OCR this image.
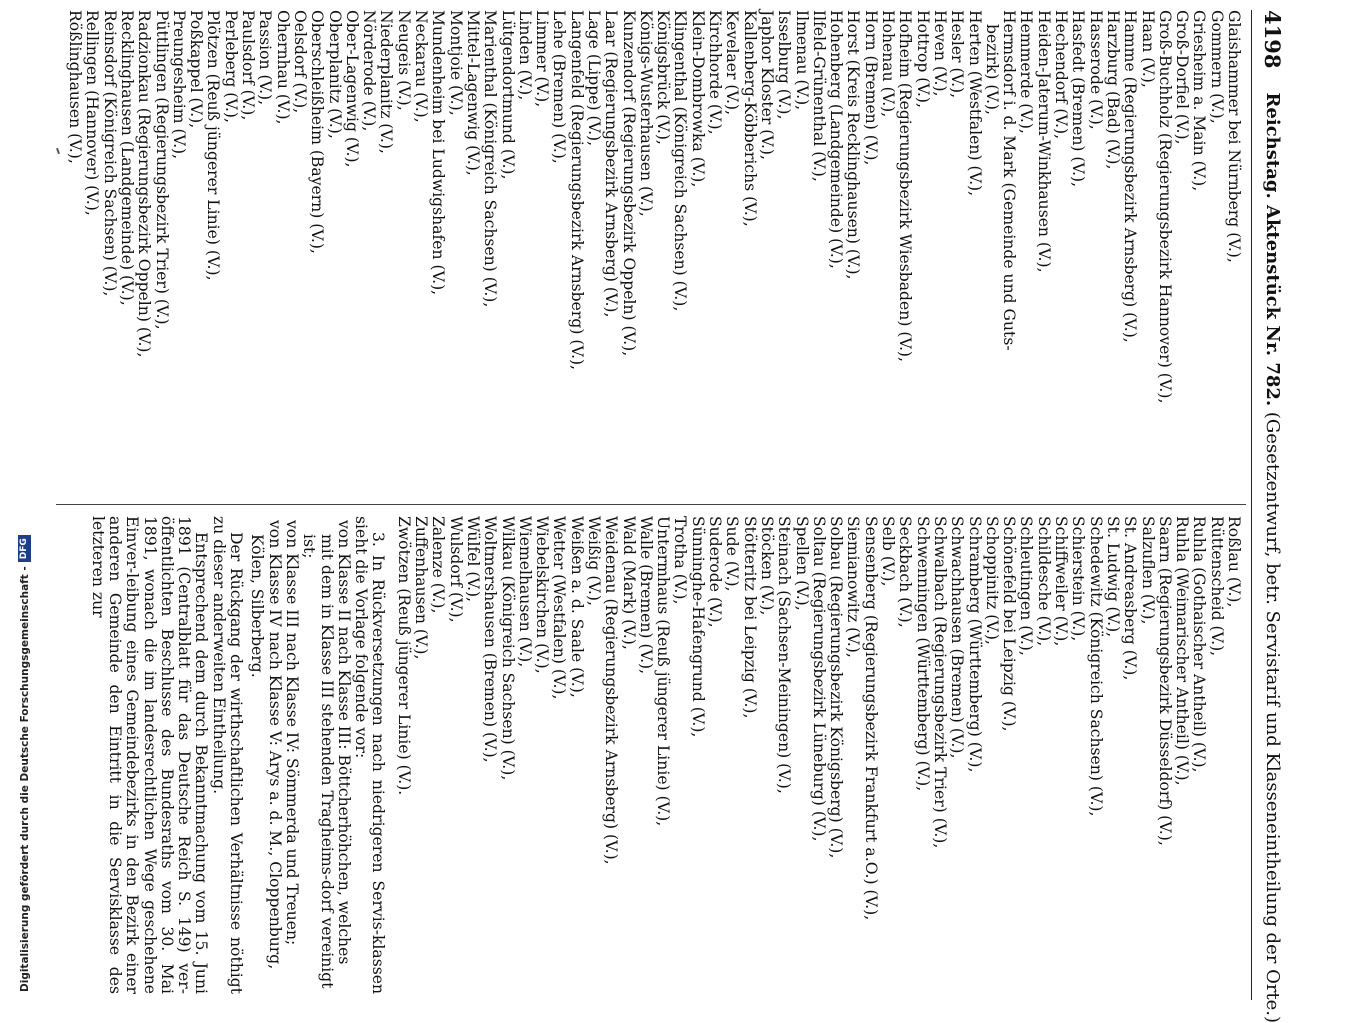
4198
Reichstag. Aktenstück Nr. 782. (Gesetzentwurf, betr. Servistarif und Klasseneintheilung der Orte.)
Glaishammer bei Nürnberg (V.),
Gommern (V.),
Griesheim a. Main (V.),
Groß-Dorfiel (V.),
Groß-Buchholz (Regierungsbezirk Hannover) (V.),
Haan (V.),
Hamme (Regierungsbezirk Arnsberg) (V.),
Harzburg (Bad) (V.),
Hasserode (V.),
Hasfedt (Bremen) (V.),
Hechendorf (V.),
Heiden-Jaterum-Winkhausen (V.),
Hemmerde (V.),
Hermsdorf i. d. Mark (Gemeinde und Guts-
bezirk) (V.),
Herten (Westfalen) (V.),
Hesler (V.),
Heven (V.),
Hottrop (V.),
Hofheim (Regierungsbezirk Wiesbaden) (V.),
Hohenau (V.),
Horn (Bremen) (V.),
Horst (Kreis Recklinghausen) (V.),
Hohenberg (Landgemeinde) (V.),
Ilfeld-Grünenthal (V.),
Ilmenau (V.),
Isselburg (V.),
Japhor Kloster (V.),
Kallenberg-Köbberichs (V.),
Kevelaer (V.),
Kirchhorde (V.),
Klein-Dombrowka (V.),
Klingenthal (Königreich Sachsen) (V.),
Königsbrück (V.),
Königs-Wusterhausen (V.),
Kunzendorf (Regierungsbezirk Oppeln) (V.),
Laar (Regierungsbezirk Arnsberg) (V.),
Lage (Lippe) (V.),
Langenfeld (Regierungsbezirk Arnsberg) (V.),
Lehe (Bremen) (V.),
Limmer (V.),
Linden (V.),
Lütgendortmund (V.),
Marienthal (Königreich Sachsen) (V.),
Mittel-Lagenwig (V.),
Montjoie (V.),
Mundenheim bei Ludwigshafen (V.),
Neckarau (V.),
Neugeis (V.),
Niederplanitz (V.),
Nörderode (V.),
Ober-Lagenwig (V.),
Oberplanitz (V.),
Oberschleißheim (Bayern) (V.),
Oelsdorf (V.),
Ohernhau (V.),
Passion (V.),
Paulsdorf (V.),
Perleberg (V.),
Plötzen (Reuß jüngerer Linie) (V.),
Poßkappel (V.),
Preungesheim (V.),
Püttlingen (Regierungsbezirk Trier) (V.),
Radzionkau (Regierungsbezirk Oppeln) (V.),
Recklinghausen (Landgemeinde) (V.),
Reinsdorf (Königreich Sachsen) (V.),
Rellingen (Hannover) (V.),
Rößlinghausen (V.),
Roßlau (V.),
Rüttenscheid (V.),
Ruhla (Gothaischer Antheil) (V.),
Ruhla (Weimarischer Antheil) (V.),
Saarn (Regierungsbezirk Düsseldorf) (V.),
Salzuflen (V.),
St. Andreasberg (V.),
St. Ludwig (V.),
Schedewitz (Königreich Sachsen) (V.),
Schierstein (V.),
Schiffweiler (V.),
Schildesche (V.),
Schleutingen (V.),
Schönefeld bei Leipzig (V.),
Schoppinitz (V.),
Schramberg (Württemberg) (V.),
Schwachhausen (Bremen) (V.),
Schwalbach (Regierungsbezirk Trier) (V.),
Schwenningen (Württemberg) (V.),
Seckbach (V.),
Selb (V.),
Sensenberg (Regierungsbezirk Frankfurt a.O.) (V.),
Siemianowitz (V.),
Solbau (Regierungsbezirk Königsberg) (V.),
Soltau (Regierungsbezirk Lüneburg) (V.),
Spellen (V.),
Steinach (Sachsen-Meiningen) (V.),
Stöcken (V.),
Stötteritz bei Leipzig (V.),
Sude (V.),
Suderode (V.),
Sünninghe-Hafengrund (V.),
Trotha (V.),
Untermhaus (Reuß jüngerer Linie) (V.),
Walle (Bremen) (V.),
Wald (Mark) (V.),
Weidenau (Regierungsbezirk Arnsberg) (V.),
Weißig (V.),
Weißen a. d. Saale (V.),
Wetter (Westfalen) (V.),
Wiebelskirchen (V.),
Wiemelhausen (V.),
Wilkau (Königreich Sachsen) (V.),
Woltmershausen (Bremen) (V.),
Wülfel (V.),
Wulsdorf (V.),
Zalenze (V.),
Zuffenhausen (V.),
Zwötzen (Reuß jüngerer Linie) (V.).
3. In Rückversetzungen nach niedrigeren Servis-klassen sieht die Vorlage folgende vor:
von Klasse II nach Klasse III: Böttcherhöhchen, welches mit dem in Klasse III stehenden Tragheims-dorf vereinigt ist;
von Klasse III nach Klasse IV: Sömmerda und Treuen;
von Klasse IV nach Klasse V: Arys a. d. M., Cloppenburg, Kölen, Silberberg.
Der Rückgang der wirthschaftlichen Verhältnisse nöthigt zu dieser anderweiten Eintheilung.
Entsprechend dem durch Bekanntmachung vom 15. Juni 1891 (Centralblatt für das Deutsche Reich S. 149) ver-öffentlichten Beschlusse des Bundesraths vom 30. Mai 1891, wonach die im landesrechtlichen Wege geschehene Einver-leibung eines Gemeindebezirks in den Bezirk einer anderen Gemeinde den Eintritt in die Servisklasse des letzteren zur
Digitalisierung gefördert durch die Deutsche Forschungsgemeinschaft -
DFG
